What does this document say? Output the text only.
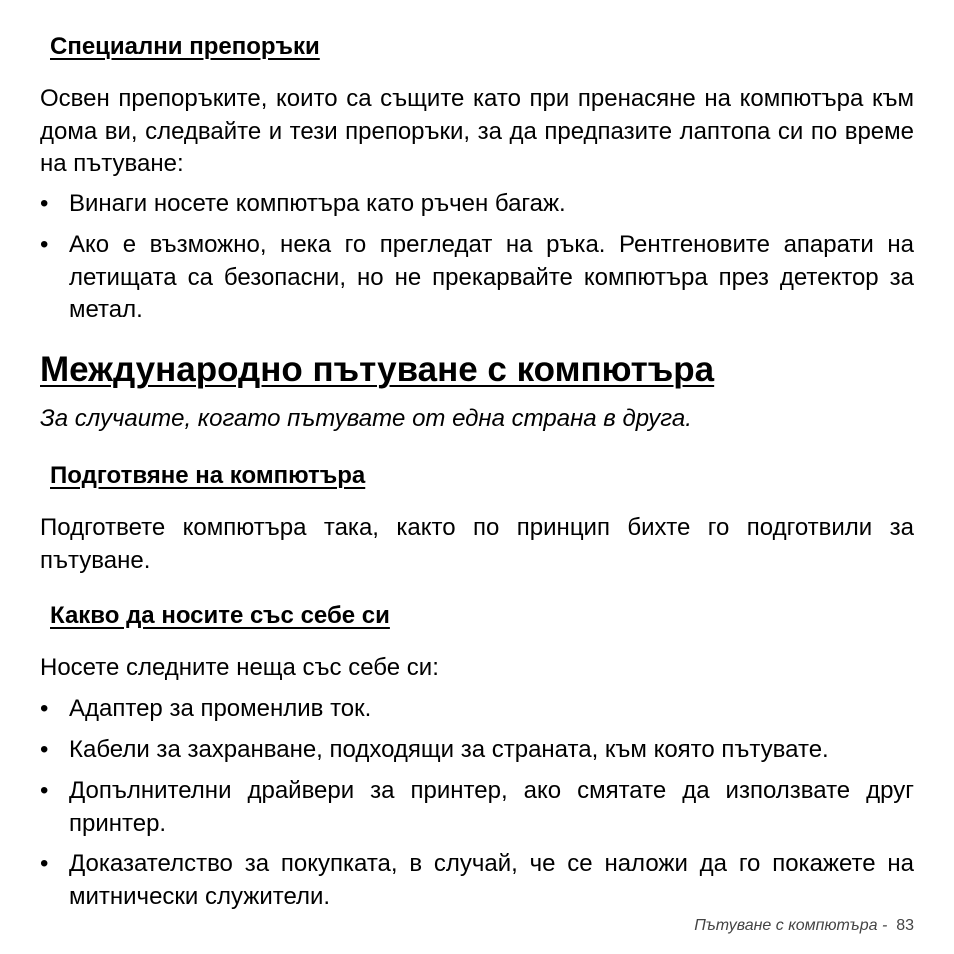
Специални препоръки

Освен препоръките, които са същите като при пренасяне на компютъра към дома ви, следвайте и тези препоръки, за да предпазите лаптопа си по време на пътуване:

• Винаги носете компютъра като ръчен багаж.
• Ако е възможно, нека го прегледат на ръка. Рентгеновите апарати на летищата са безопасни, но не прекарвайте компютъра през детектор за метал.
Международно пътуване с компютъра

За случаите, когато пътувате от една страна в друга.

Подготвяне на компютъра

Подгответе компютъра така, както по принцип бихте го подготвили за пътуване.

Какво да носите със себе си

Носете следните неща със себе си:

• Адаптер за променлив ток.
• Кабели за захранване, подходящи за страната, към която пътувате.
• Допълнителни драйвери за принтер, ако смятате да използвате друг принтер.
• Доказателство за покупката, в случай, че се наложи да го покажете на митнически служители.
Пътуване с компютъра - 83
